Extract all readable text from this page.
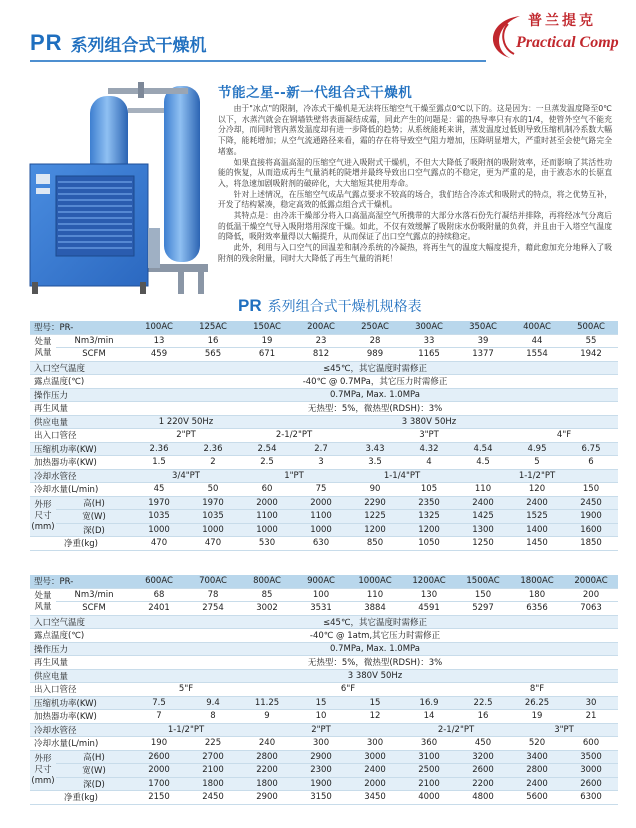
PR 系列组合式干燥机
普兰提克
Practical Comp
节能之星--新一代组合式干燥机

由于"冰点"的限制，冷冻式干燥机是无法将压缩空气干燥至露点0℃以下的。这是因为：一旦蒸发温度降至0℃以下，水蒸汽就会在钢墙铁壁将表面凝结成霜，同此产生的问题是：霜的热导率只有水的1/4，使管外空气不能充分冷却，而同时管内蒸发温度却有进一步降低的趋势；从系统能耗来讲，蒸发温度过低则导致压缩机制冷系数大幅下降，能耗增加；从空气流通路径来看，霜的存在将导致空气阻力增加，压降明显增大，严重时甚至会使气路完全堵塞。

如果直接将高温高湿的压缩空气进入吸附式干燥机，不但大大降低了吸附剂的吸附效率，还而影响了其活性功能的恢复，从而造成再生气量消耗的陡增并最终导致出口空气露点的不稳定，更为严重的是，由于液态水的长驱直入，将急速加剧吸附剂的破碎化，大大缩短其使用寿命。

针对上述情况，在压缩空气成品气露点要求不较高的场合，我们结合冷冻式和吸附式的特点，将之优势互补，开发了结构紧凑，稳定高效的低露点组合式干燥机。

其特点是：由冷冻干燥部分将入口高温高湿空气所携带的大部分水落石份先行凝结并排除，再将经冰气分离后的低温干燥空气导入吸附塔用深度干燥。如此，不仅有效缓解了吸附床水份吸附量的负荷，并且由于入塔空气温度的降低，吸附效率量得以大幅提升，从而保证了出口空气露点的持续稳定。

此外，利用与入口空气的回温差和制冷系统的冷凝热，将再生气的温度大幅度提升，藉此愈加充分地释入了吸附剂的残余附量，同时大大降低了再生气量的消耗！

PR 系列组合式干燥机规格表
型号：PR-		100AC	125AC	150AC	200AC	250AC	300AC	350AC	400AC	500AC

处量
风量	Nm3/min	13	16	19	23	28	33	39	44	55
	SCFM	459	565	671	812	989	1165	1377	1554	1942
入口空气温度		≤45℃，其它温度时需修正								
露点温度(℃)		-40℃ @ 0.7MPa，其它压力时需修正								
操作压力		0.7MPa, Max. 1.0MPa								
再生风量		无热型：5%，微热型(RDSH)：3%								
供应电量		1 220V 50Hz		3 380V 50Hz						
出入口管径		2"PT		2-1/2"PT		3"PT			4"F	
压缩机功率(KW)		2.36	2.36	2.54	2.7	3.43	4.32	4.54	4.95	6.75
加热器功率(KW)		1.5	2	2.5	3	3.5	4	4.5	5	6
冷却水管径		3/4"PT		1"PT		1-1/4"PT		1-1/2"PT		
冷却水量(L/min)		45	50	60	75	90	105	110	120	150

外形
尺寸
(mm)	高(H)	1970	1970	2000	2000	2290	2350	2400	2400	2450
	宽(W)	1035	1035	1100	1100	1225	1325	1425	1525	1900
	深(D)	1000	1000	1000	1000	1200	1200	1300	1400	1600
净重(kg)		470	470	530	630	850	1050	1250	1450	1850
型号：PR-		600AC	700AC	800AC	900AC	1000AC	1200AC	1500AC	1800AC	2000AC

处量
风量	Nm3/min	68	78	85	100	110	130	150	180	200
	SCFM	2401	2754	3002	3531	3884	4591	5297	6356	7063
入口空气温度		≤45℃，其它温度时需修正								
露点温度(℃)		-40℃ @ 1atm,其它压力时需修正								
操作压力		0.7MPa, Max. 1.0MPa								
再生风量		无热型：5%，微热型(RDSH)：3%								
供应电量		3 380V 50Hz								
出入口管径		5"F		6"F				8"F		
压缩机功率(KW)		7.5	9.4	11.25	15	15	16.9	22.5	26.25	30
加热器功率(KW)		7	8	9	10	12	14	16	19	21
冷却水管径		1-1/2"PT		2"PT			2-1/2"PT		3"PT	
冷却水量(L/min)		190	225	240	300	300	360	450	520	600

外形
尺寸
(mm)	高(H)	2600	2700	2800	2900	3000	3100	3200	3400	3500
	宽(W)	2000	2100	2200	2300	2400	2500	2600	2800	3000
	深(D)	1700	1800	1800	1900	2000	2100	2200	2400	2600
净重(kg)		2150	2450	2900	3150	3450	4000	4800	5600	6300
